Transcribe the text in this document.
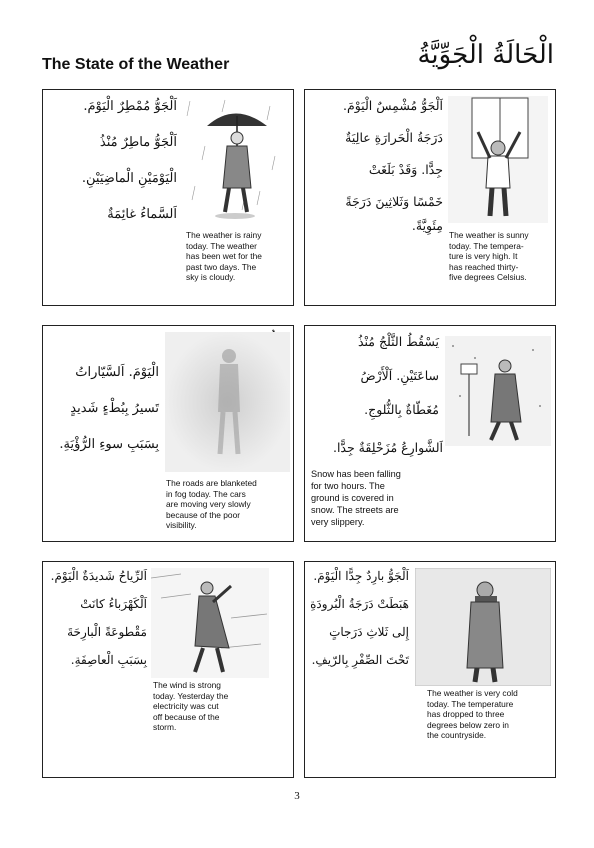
The State of the Weather	الْحَالَةُ الْجَوِّيَّةُ
اَلْجَوُّ مُمْطِرٌ الْيَوْمَ.
اَلْجَوُّ ماطِرٌ مُنْذُ
الْيَوْمَيْنِ الْماضِيَيْنِ.
اَلسَّماءُ غائِمَةٌ
The weather is rainy
today. The weather
has been wet for the
past two days. The
sky is cloudy.
The weather is sunny
today. The tempera-
ture is very high. It
has reached thirty-
five degrees Celsius.
اَلْجَوُّ مُشْمِسٌ الْيَوْمَ.
دَرَجَةُ الْحَرارَةِ عالِيَةٌ
جِدًّا. وَقَدْ بَلَغَتْ
خَمْسًا وَثَلاثِينَ دَرَجَةً
مِئَوِيَّةً.
الْيَوْمَ. اَلسَّيّاراتُ
تَسيرُ بِبُطْءٍ شَديدٍ
بِسَبَبِ سوءِ الرُّؤْيَةِ.
The roads are blanketed
in fog today. The cars
are moving very slowly
because of the poor
visibility.
يَسْقُطُ الثَّلْجُ مُنْذُ
ساعَتَيْنِ. اَلْأَرْضُ
مُغَطّاةٌ بِالثُّلوجِ.
اَلشَّوارِعُ مُزَحْلِقَةٌ جِدًّا.
Snow has been falling
for two hours. The
ground is covered in
snow. The streets are
very slippery.
اَلرِّياحُ شَديدَةٌ الْيَوْمَ.
اَلْكَهْرَباءُ كانَتْ
مَقْطوعَةً الْبارِحَةَ
بِسَبَبِ الْعاصِفَةِ.
The wind is strong
today. Yesterday the
electricity was cut
off because of the
storm.
اَلْجَوُّ بارِدٌ جِدًّا الْيَوْمَ.
هَبَطَتْ دَرَجَةُ الْبُرودَةِ
إِلى ثَلاثِ دَرَجاتٍ
تَحْتَ الصِّفْرِ بِالرّيفِ.
The weather is very cold
today. The temperature
has dropped to three
degrees below zero in
the countryside.
3
